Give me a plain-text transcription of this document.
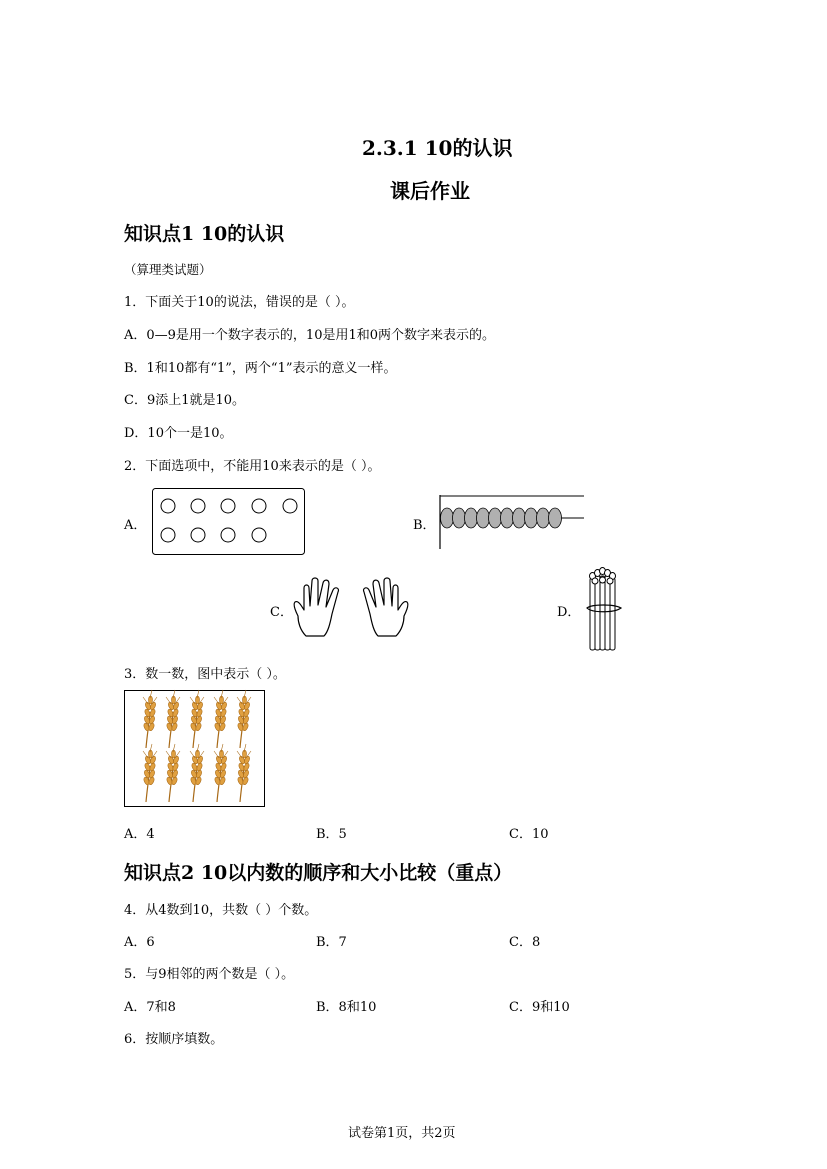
2.3.1 10的认识
课后作业
知识点1 10的认识
（算理类试题）
1．下面关于10的说法，错误的是（ ）。
A．0—9是用一个数字表示的，10是用1和0两个数字来表示的。
B．1和10都有“1”，两个“1”表示的意义一样。
C．9添上1就是10。
D．10个一是10。
2．下面选项中，不能用10来表示的是（ ）。
A．	B．
C．	D．
3．数一数，图中表示（ ）。
A．4	B．5	C．10
知识点2 10以内数的顺序和大小比较（重点）
4．从4数到10，共数（ ）个数。
A．6	B．7	C．8
5．与9相邻的两个数是（ ）。
A．7和8	B．8和10	C．9和10
6．按顺序填数。
试卷第1页，共2页
